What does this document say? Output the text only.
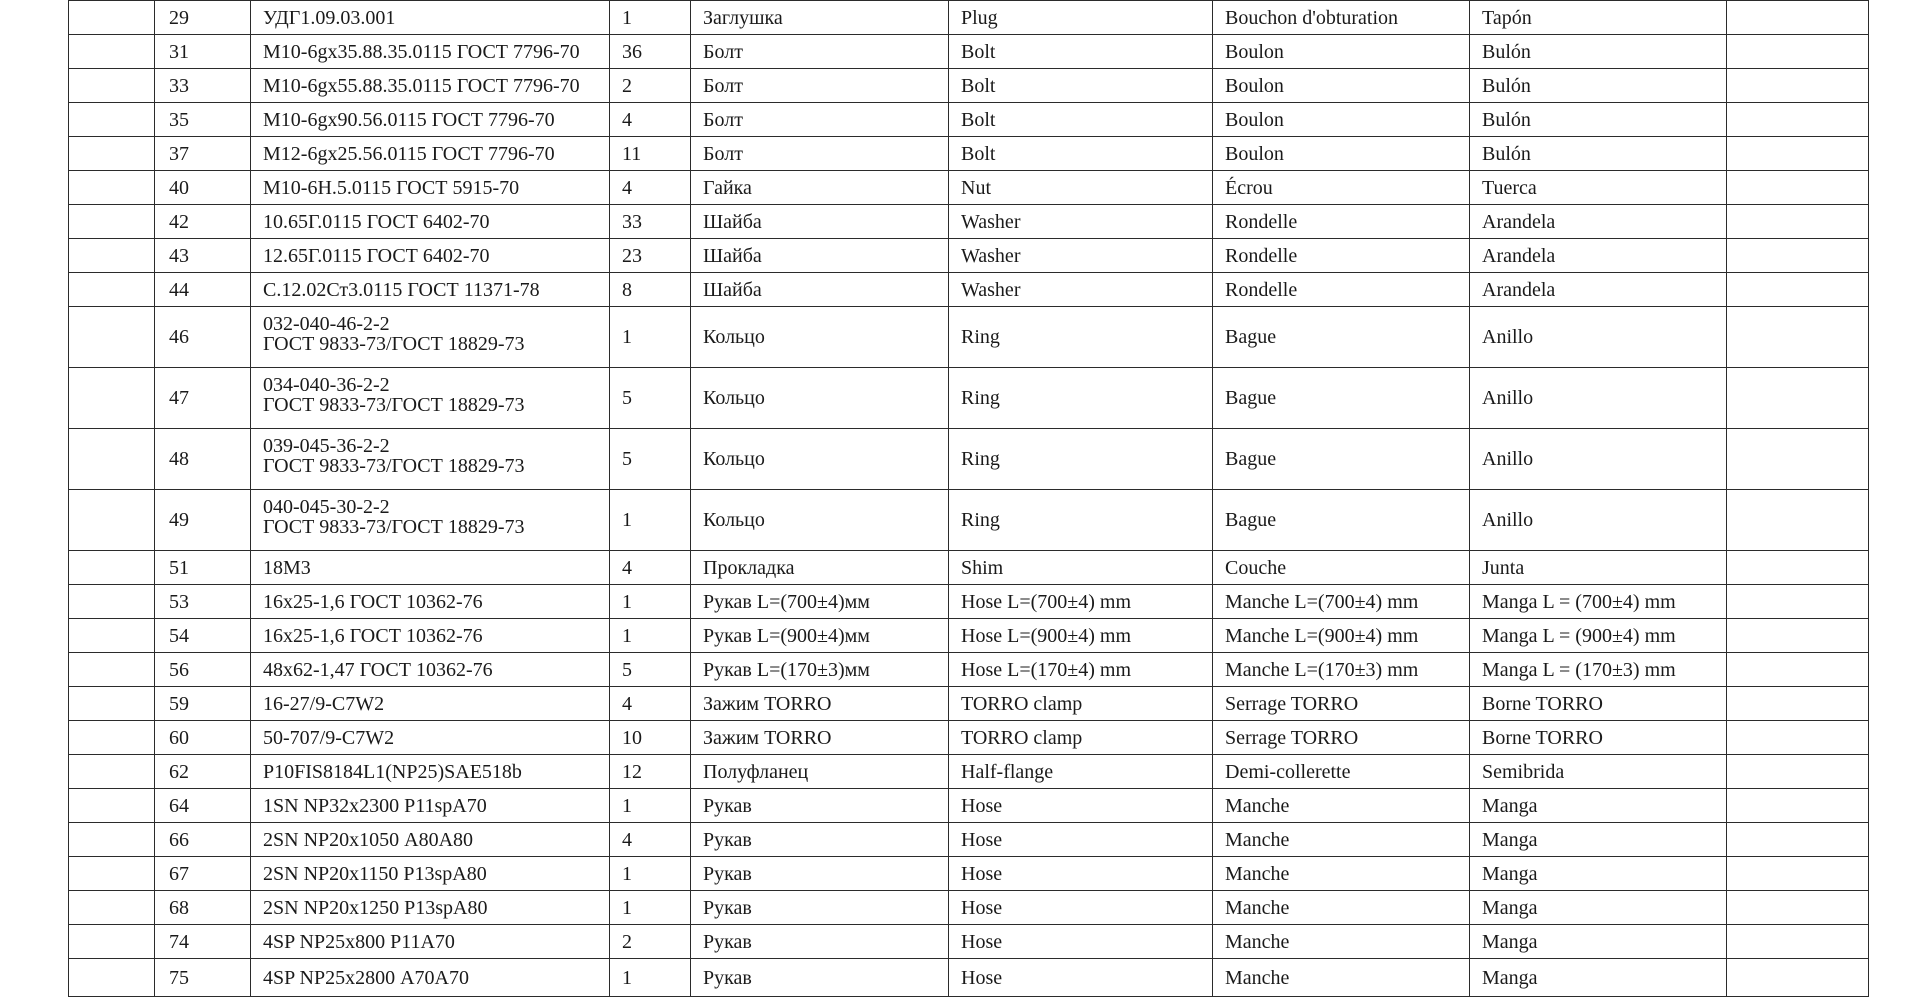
	29	УДГ1.09.03.001	1	Заглушка	Plug	Bouchon d'obturation	Tapón	
	31	М10-6gх35.88.35.0115 ГОСТ 7796-70	36	Болт	Bolt	Boulon	Bulón	
	33	М10-6gх55.88.35.0115 ГОСТ 7796-70	2	Болт	Bolt	Boulon	Bulón	
	35	М10-6gх90.56.0115 ГОСТ 7796-70	4	Болт	Bolt	Boulon	Bulón	
	37	М12-6gх25.56.0115 ГОСТ 7796-70	11	Болт	Bolt	Boulon	Bulón	
	40	М10-6Н.5.0115 ГОСТ 5915-70	4	Гайка	Nut	Écrou	Tuerca	
	42	10.65Г.0115 ГОСТ 6402-70	33	Шайба	Washer	Rondelle	Arandela	
	43	12.65Г.0115 ГОСТ 6402-70	23	Шайба	Washer	Rondelle	Arandela	
	44	С.12.02Ст3.0115 ГОСТ 11371-78	8	Шайба	Washer	Rondelle	Arandela	
	46	032-040-46-2-2
ГОСТ 9833-73/ГОСТ 18829-73	1	Кольцо	Ring	Bague	Anillo	
	47	034-040-36-2-2
ГОСТ 9833-73/ГОСТ 18829-73	5	Кольцо	Ring	Bague	Anillo	
	48	039-045-36-2-2
ГОСТ 9833-73/ГОСТ 18829-73	5	Кольцо	Ring	Bague	Anillo	
	49	040-045-30-2-2
ГОСТ 9833-73/ГОСТ 18829-73	1	Кольцо	Ring	Bague	Anillo	
	51	18М3	4	Прокладка	Shim	Couche	Junta	
	53	16х25-1,6 ГОСТ 10362-76	1	Рукав L=(700±4)мм	Hose L=(700±4) mm	Manche L=(700±4) mm	Manga L = (700±4) mm	
	54	16х25-1,6 ГОСТ 10362-76	1	Рукав L=(900±4)мм	Hose L=(900±4) mm	Manche L=(900±4) mm	Manga L = (900±4) mm	
	56	48х62-1,47 ГОСТ 10362-76	5	Рукав L=(170±3)мм	Hose L=(170±4) mm	Manche L=(170±3) mm	Manga L = (170±3) mm	
	59	16-27/9-C7W2	4	Зажим TORRO	TORRO clamp	Serrage TORRO	Borne TORRO	
	60	50-707/9-C7W2	10	Зажим TORRO	TORRO clamp	Serrage TORRO	Borne TORRO	
	62	P10FIS8184L1(NP25)SAE518b	12	Полуфланец	Half-flange	Demi-collerette	Semibrida	
	64	1SN NP32х2300 P11spA70	1	Рукав	Hose	Manche	Manga	
	66	2SN NP20х1050 A80A80	4	Рукав	Hose	Manche	Manga	
	67	2SN NP20х1150 P13spA80	1	Рукав	Hose	Manche	Manga	
	68	2SN NP20х1250 P13spA80	1	Рукав	Hose	Manche	Manga	
	74	4SP NP25х800 P11A70	2	Рукав	Hose	Manche	Manga	
	75	4SP NP25х2800 A70A70	1	Рукав	Hose	Manche	Manga	
